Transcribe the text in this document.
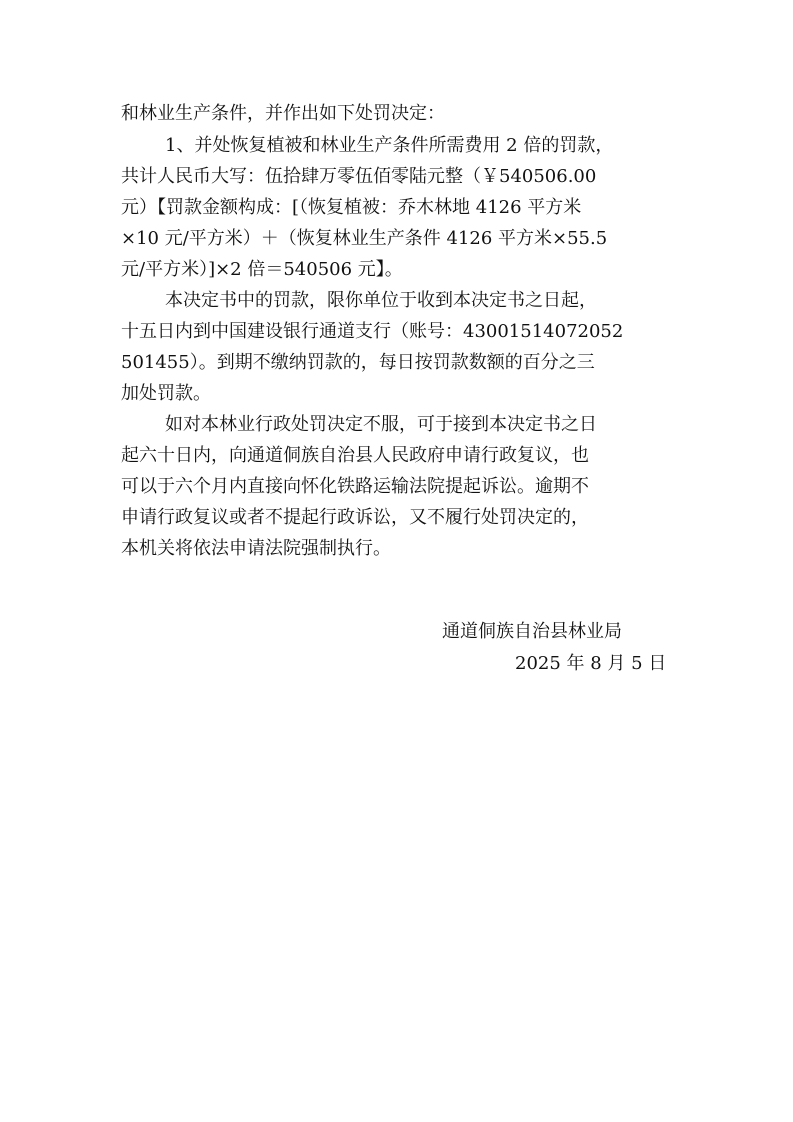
和林业生产条件，并作出如下处罚决定：
1、并处恢复植被和林业生产条件所需费用 2 倍的罚款，
共计人民币大写：伍拾肆万零伍佰零陆元整（￥540506.00
元）【罚款金额构成：[（恢复植被：乔木林地 4126 平方米
×10 元/平方米）＋（恢复林业生产条件 4126 平方米×55.5
元/平方米）]×2 倍＝540506 元】。
本决定书中的罚款，限你单位于收到本决定书之日起，
十五日内到中国建设银行通道支行（账号：43001514072052
501455）。到期不缴纳罚款的，每日按罚款数额的百分之三
加处罚款。
如对本林业行政处罚决定不服，可于接到本决定书之日
起六十日内，向通道侗族自治县人民政府申请行政复议，也
可以于六个月内直接向怀化铁路运输法院提起诉讼。逾期不
申请行政复议或者不提起行政诉讼，又不履行处罚决定的，
本机关将依法申请法院强制执行。
通道侗族自治县林业局
2025 年 8 月 5 日
